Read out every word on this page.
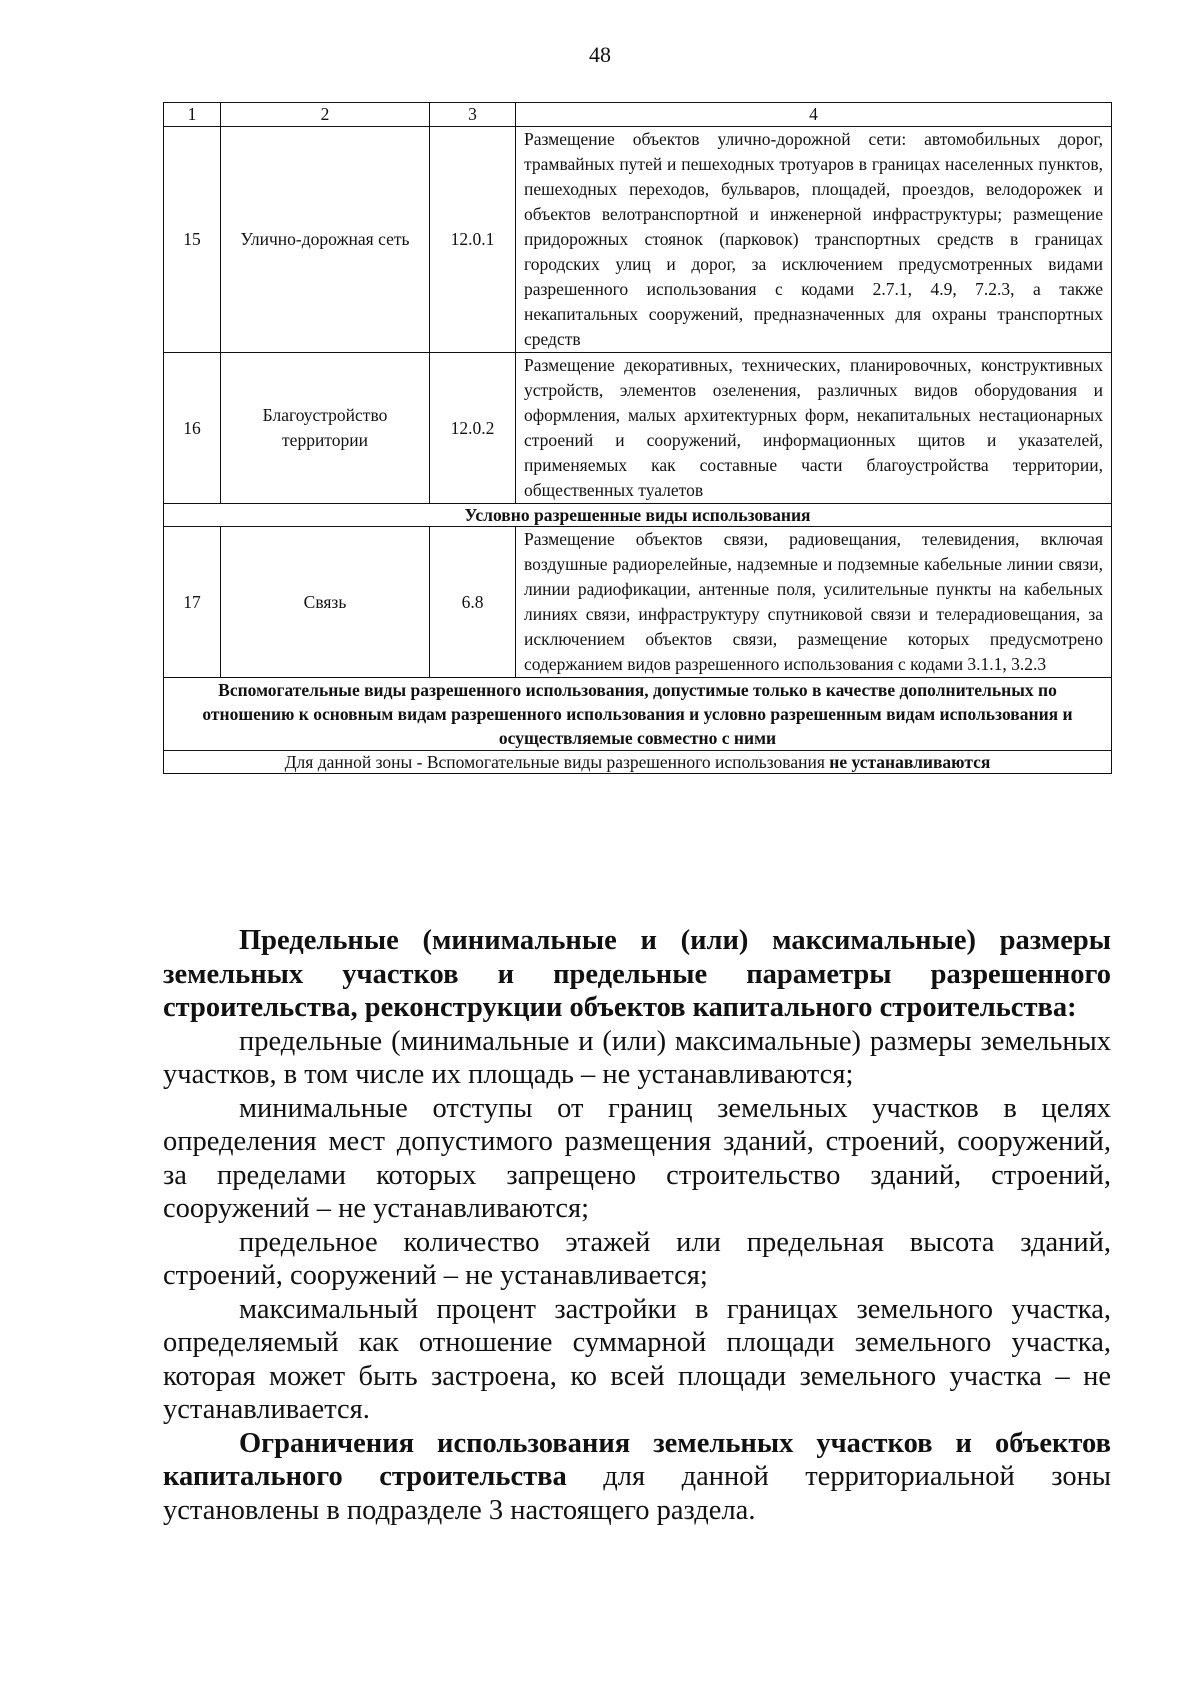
48
1	2	3	4
15	Улично-дорожная сеть	12.0.1	Размещение объектов улично-дорожной сети: автомобильных дорог, трамвайных путей и пешеходных тротуаров в границах населенных пунктов, пешеходных переходов, бульваров, площадей, проездов, велодорожек и объектов велотранспортной и инженерной инфраструктуры; размещение придорожных стоянок (парковок) транспортных средств в границах городских улиц и дорог, за исключением предусмотренных видами разрешенного использования с кодами 2.7.1, 4.9, 7.2.3, а также некапитальных сооружений, предназначенных для охраны транспортных средств
16	Благоустройство территории	12.0.2	Размещение декоративных, технических, планировочных, конструктивных устройств, элементов озеленения, различных видов оборудования и оформления, малых архитектурных форм, некапитальных нестационарных строений и сооружений, информационных щитов и указателей, применяемых как составные части благоустройства территории, общественных туалетов
Условно разрешенные виды использования			
17	Связь	6.8	Размещение объектов связи, радиовещания, телевидения, включая воздушные радиорелейные, надземные и подземные кабельные линии связи, линии радиофикации, антенные поля, усилительные пункты на кабельных линиях связи, инфраструктуру спутниковой связи и телерадиовещания, за исключением объектов связи, размещение которых предусмотрено содержанием видов разрешенного использования с кодами 3.1.1, 3.2.3
Вспомогательные виды разрешенного использования, допустимые только в качестве дополнительных по отношению к основным видам разрешенного использования и условно разрешенным видам использования и осуществляемые совместно с ними			
Для данной зоны - Вспомогательные виды разрешенного использования не устанавливаются			

Предельные (минимальные и (или) максимальные) размеры земельных участков и предельные параметры разрешенного строительства, реконструкции объектов капитального строительства:

предельные (минимальные и (или) максимальные) размеры земельных участков, в том числе их площадь – не устанавливаются;

минимальные отступы от границ земельных участков в целях определения мест допустимого размещения зданий, строений, сооружений, за пределами которых запрещено строительство зданий, строений, сооружений – не устанавливаются;

предельное количество этажей или предельная высота зданий, строений, сооружений – не устанавливается;

максимальный процент застройки в границах земельного участка, определяемый как отношение суммарной площади земельного участка, которая может быть застроена, ко всей площади земельного участка – не устанавливается.

Ограничения использования земельных участков и объектов капитального строительства для данной территориальной зоны установлены в подразделе 3 настоящего раздела.
